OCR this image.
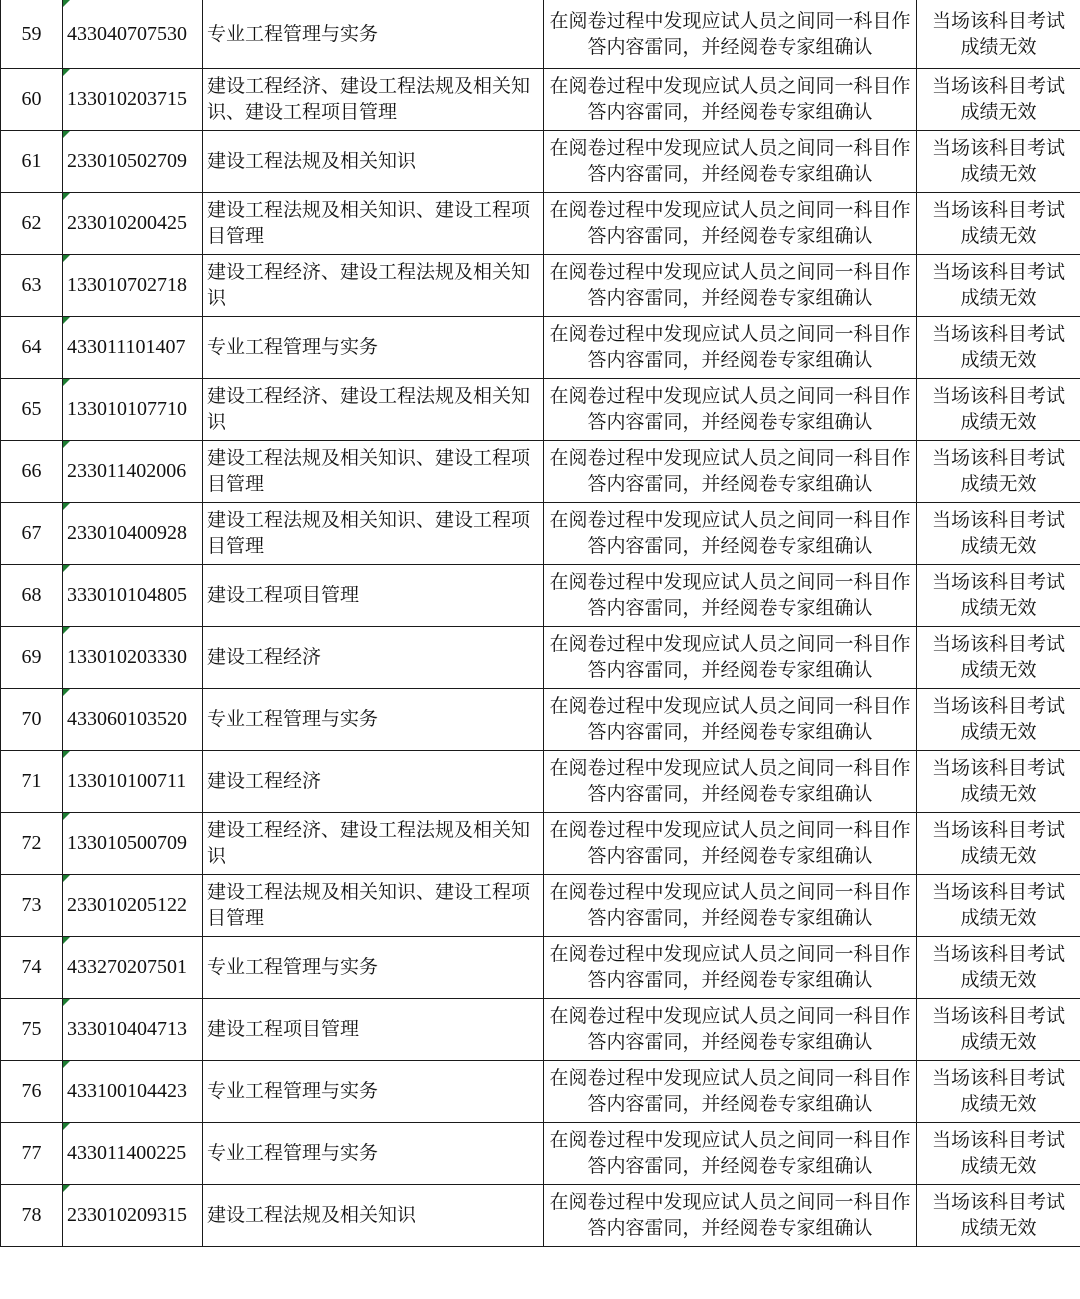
59	433040707530	专业工程管理与实务	在阅卷过程中发现应试人员之间同一科目作答内容雷同，并经阅卷专家组确认	当场该科目考试成绩无效
60	133010203715	建设工程经济、建设工程法规及相关知识、建设工程项目管理	在阅卷过程中发现应试人员之间同一科目作答内容雷同，并经阅卷专家组确认	当场该科目考试成绩无效
61	233010502709	建设工程法规及相关知识	在阅卷过程中发现应试人员之间同一科目作答内容雷同，并经阅卷专家组确认	当场该科目考试成绩无效
62	233010200425	建设工程法规及相关知识、建设工程项目管理	在阅卷过程中发现应试人员之间同一科目作答内容雷同，并经阅卷专家组确认	当场该科目考试成绩无效
63	133010702718	建设工程经济、建设工程法规及相关知识	在阅卷过程中发现应试人员之间同一科目作答内容雷同，并经阅卷专家组确认	当场该科目考试成绩无效
64	433011101407	专业工程管理与实务	在阅卷过程中发现应试人员之间同一科目作答内容雷同，并经阅卷专家组确认	当场该科目考试成绩无效
65	133010107710	建设工程经济、建设工程法规及相关知识	在阅卷过程中发现应试人员之间同一科目作答内容雷同，并经阅卷专家组确认	当场该科目考试成绩无效
66	233011402006	建设工程法规及相关知识、建设工程项目管理	在阅卷过程中发现应试人员之间同一科目作答内容雷同，并经阅卷专家组确认	当场该科目考试成绩无效
67	233010400928	建设工程法规及相关知识、建设工程项目管理	在阅卷过程中发现应试人员之间同一科目作答内容雷同，并经阅卷专家组确认	当场该科目考试成绩无效
68	333010104805	建设工程项目管理	在阅卷过程中发现应试人员之间同一科目作答内容雷同，并经阅卷专家组确认	当场该科目考试成绩无效
69	133010203330	建设工程经济	在阅卷过程中发现应试人员之间同一科目作答内容雷同，并经阅卷专家组确认	当场该科目考试成绩无效
70	433060103520	专业工程管理与实务	在阅卷过程中发现应试人员之间同一科目作答内容雷同，并经阅卷专家组确认	当场该科目考试成绩无效
71	133010100711	建设工程经济	在阅卷过程中发现应试人员之间同一科目作答内容雷同，并经阅卷专家组确认	当场该科目考试成绩无效
72	133010500709	建设工程经济、建设工程法规及相关知识	在阅卷过程中发现应试人员之间同一科目作答内容雷同，并经阅卷专家组确认	当场该科目考试成绩无效
73	233010205122	建设工程法规及相关知识、建设工程项目管理	在阅卷过程中发现应试人员之间同一科目作答内容雷同，并经阅卷专家组确认	当场该科目考试成绩无效
74	433270207501	专业工程管理与实务	在阅卷过程中发现应试人员之间同一科目作答内容雷同，并经阅卷专家组确认	当场该科目考试成绩无效
75	333010404713	建设工程项目管理	在阅卷过程中发现应试人员之间同一科目作答内容雷同，并经阅卷专家组确认	当场该科目考试成绩无效
76	433100104423	专业工程管理与实务	在阅卷过程中发现应试人员之间同一科目作答内容雷同，并经阅卷专家组确认	当场该科目考试成绩无效
77	433011400225	专业工程管理与实务	在阅卷过程中发现应试人员之间同一科目作答内容雷同，并经阅卷专家组确认	当场该科目考试成绩无效
78	233010209315	建设工程法规及相关知识	在阅卷过程中发现应试人员之间同一科目作答内容雷同，并经阅卷专家组确认	当场该科目考试成绩无效
